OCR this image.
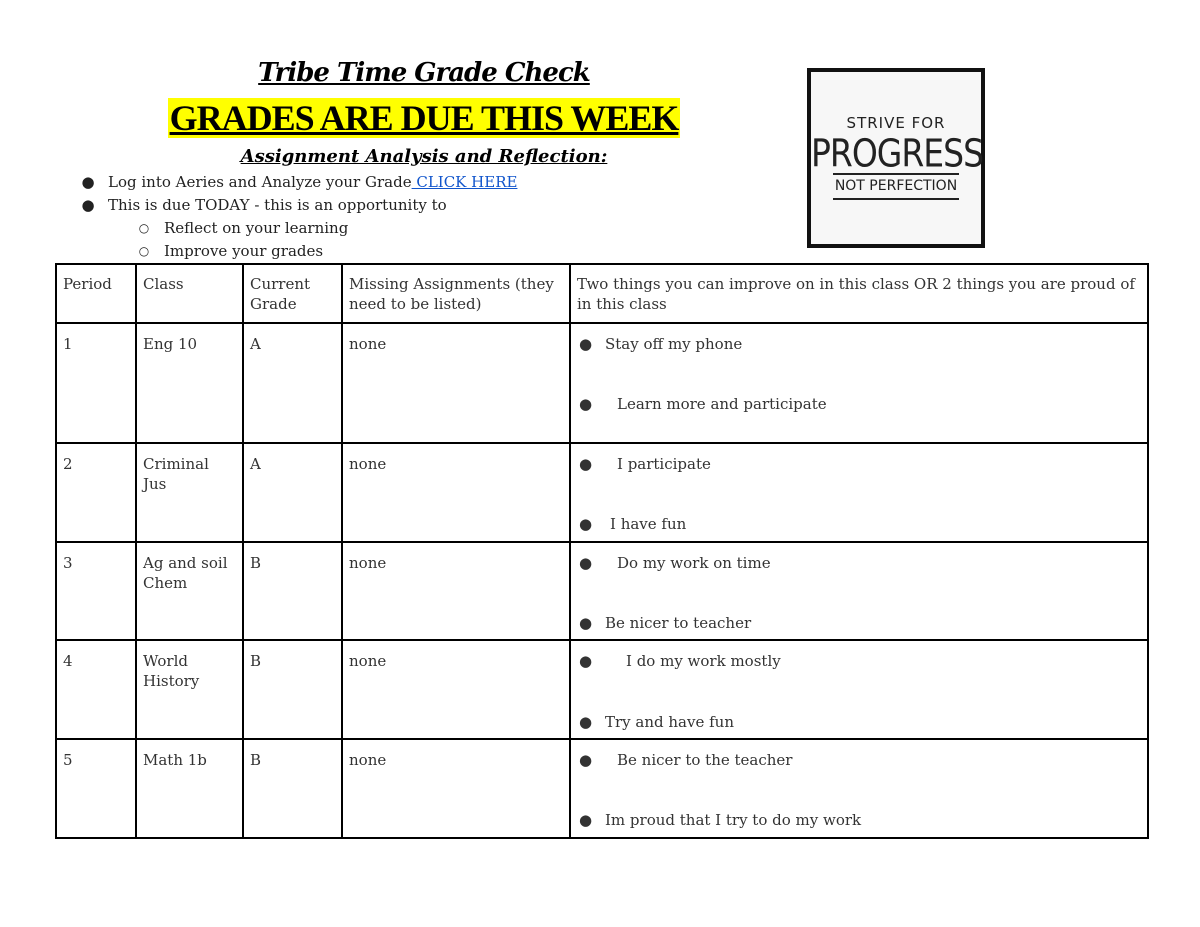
Tribe Time Grade Check
GRADES ARE DUE THIS WEEK
Assignment Analysis and Reflection:
● Log into Aeries and Analyze your Grade CLICK HERE
● This is due TODAY - this is an opportunity to
○ Reflect on your learning
○ Improve your grades
STRIVE FOR
PROGRESS
NOT PERFECTION
Period	Class	Current Grade	Missing Assignments (they need to be listed)	Two things you can improve on in this class OR 2 things you are proud of in this class
1	Eng 10	A	none	● Stay off my phone
● Learn more and participate

2	Criminal Jus	A	none	● I participate
● I have fun

3	Ag and soil Chem	B	none	● Do my work on time
● Be nicer to teacher

4	World History	B	none	● I do my work mostly
● Try and have fun

5	Math 1b	B	none	● Be nicer to the teacher
● Im proud that I try to do my work
